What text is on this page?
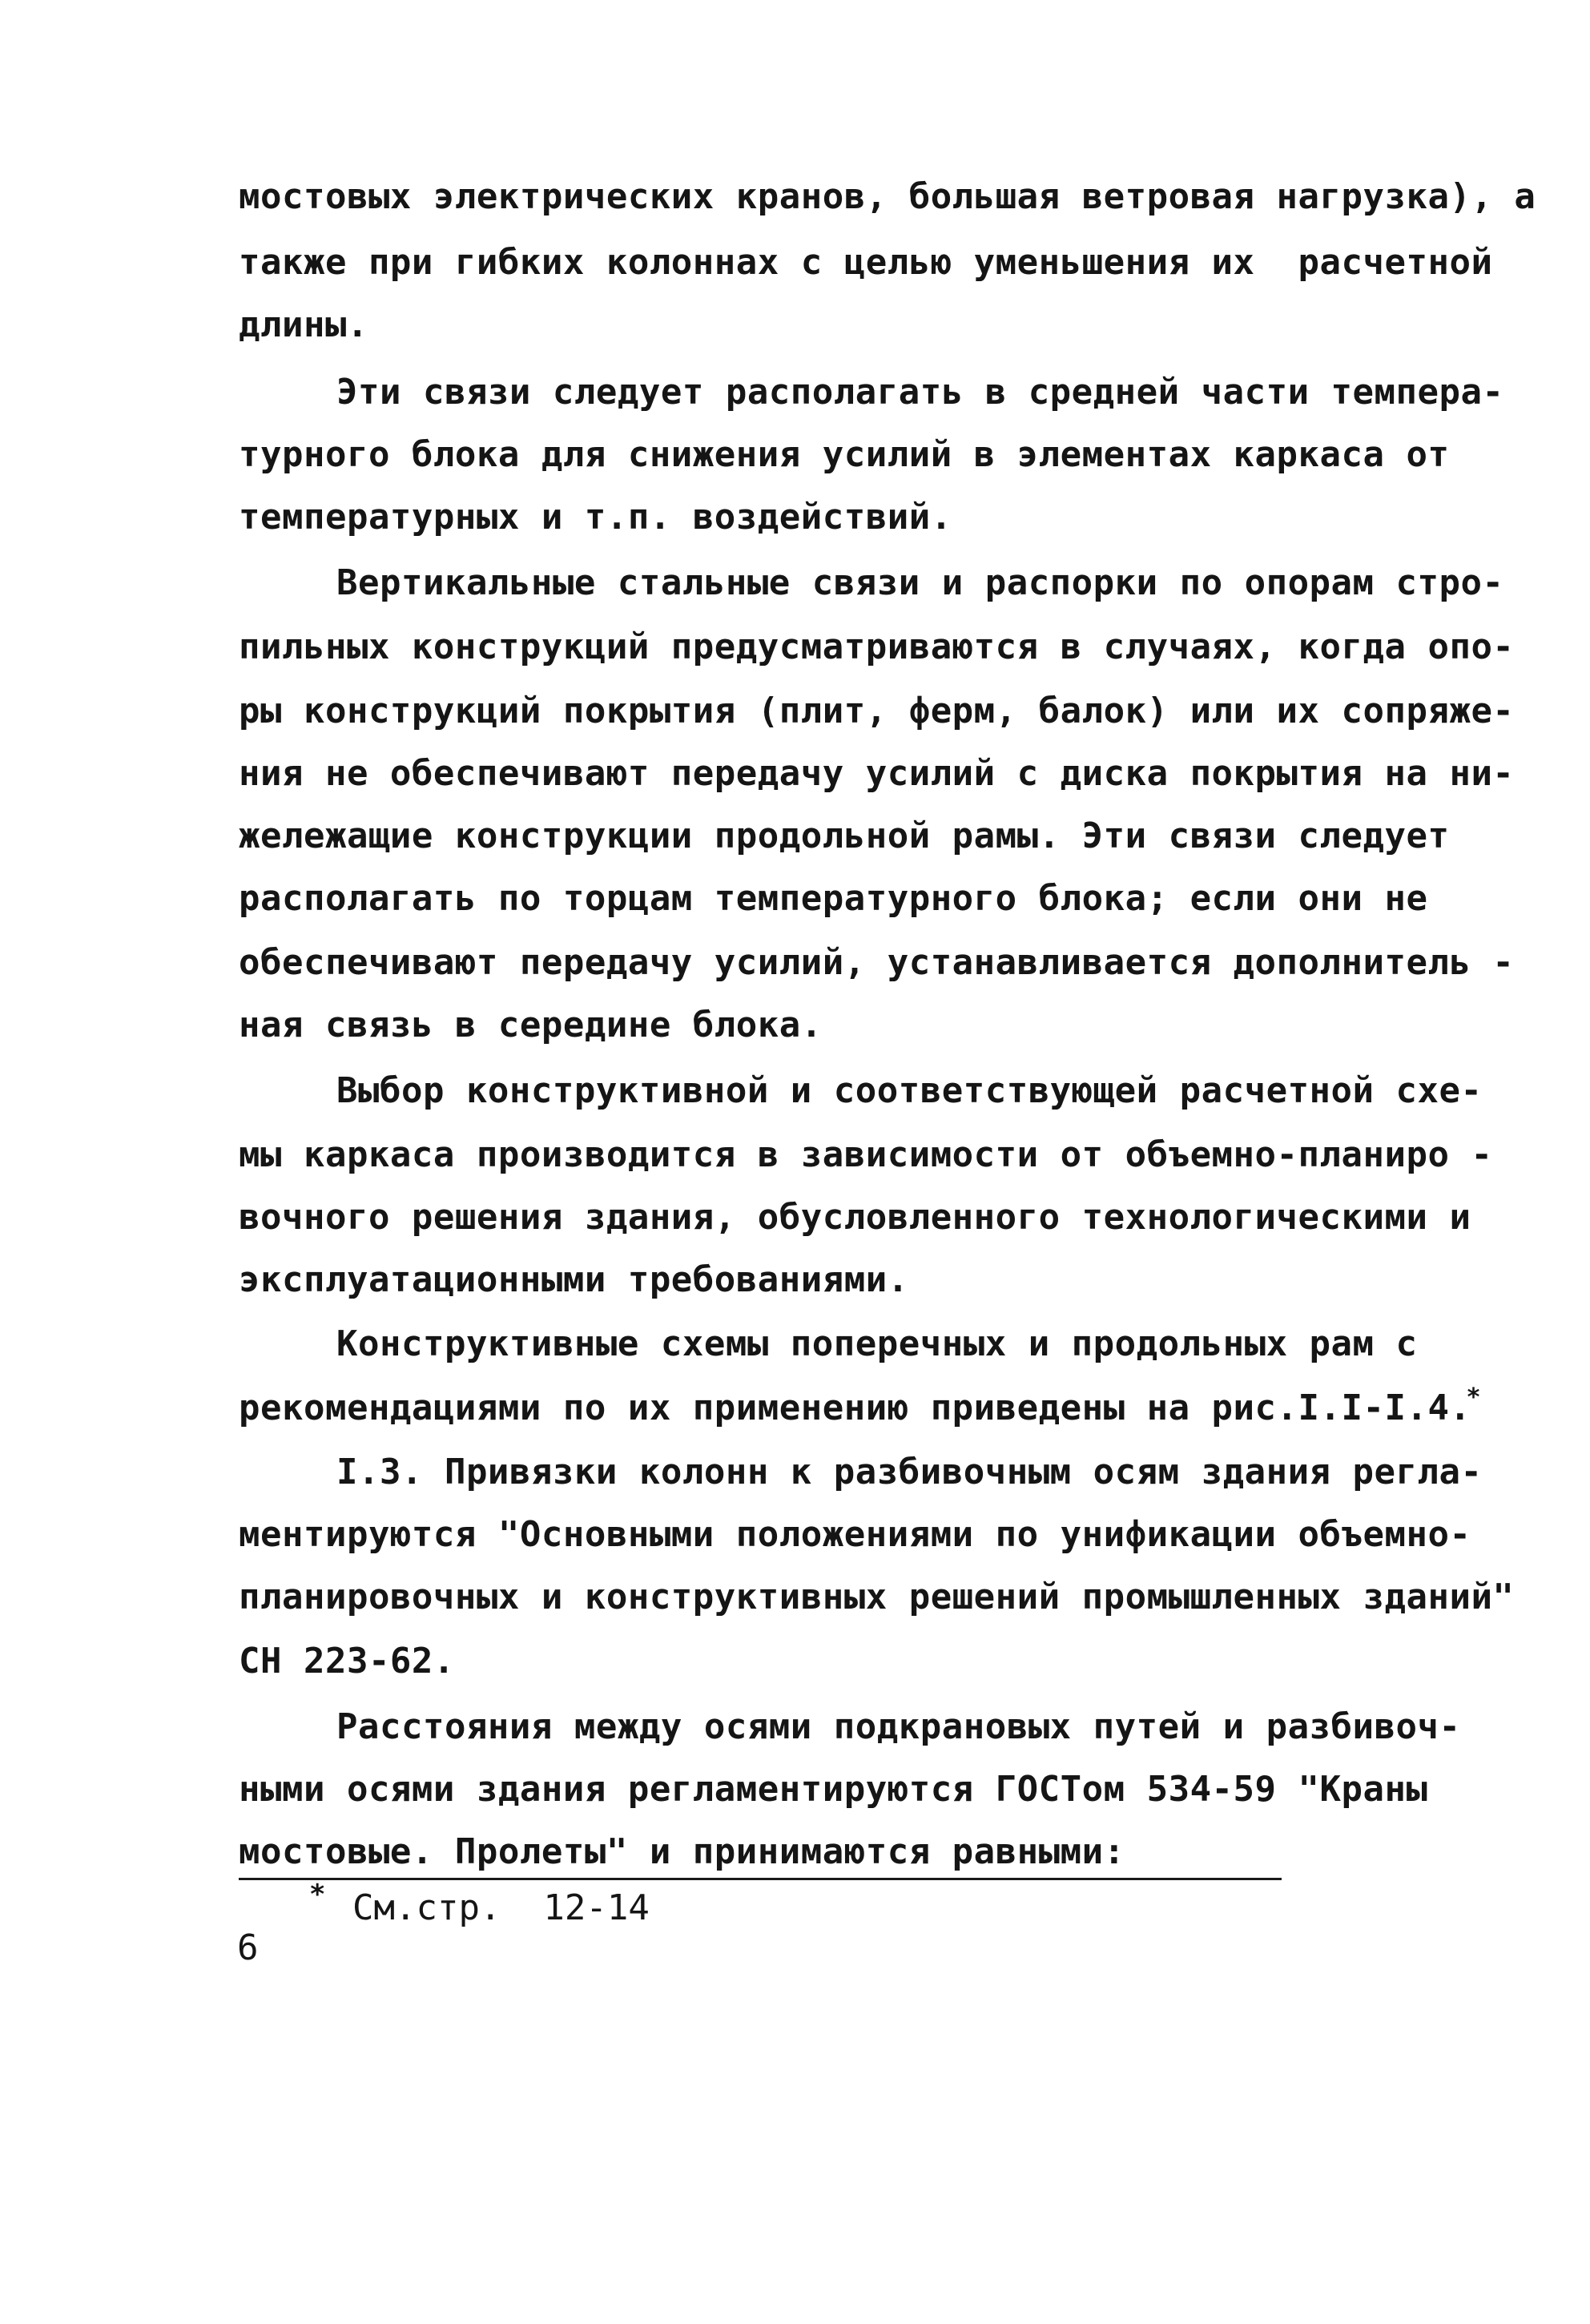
мостовых электрических кранов, большая ветровая нагрузка), а
также при гибких колоннах с целью уменьшения их  расчетной
длины.
Эти связи следует располагать в средней части темпера-
турного блока для снижения усилий в элементах каркаса от
температурных и т.п. воздействий.
Вертикальные стальные связи и распорки по опорам стро-
пильных конструкций предусматриваются в случаях, когда опо-
ры конструкций покрытия (плит, ферм, балок) или их сопряже-
ния не обеспечивают передачу усилий с диска покрытия на ни-
жележащие конструкции продольной рамы. Эти связи следует
располагать по торцам температурного блока; если они не
обеспечивают передачу усилий, устанавливается дополнитель -
ная связь в середине блока.
Выбор конструктивной и соответствующей расчетной схе-
мы каркаса производится в зависимости от объемно-планиро -
вочного решения здания, обусловленного технологическими и
эксплуатационными требованиями.
Конструктивные схемы поперечных и продольных рам с
рекомендациями по их применению приведены на рис.I.I-I.4.*
I.3. Привязки колонн к разбивочным осям здания регла-
ментируются "Основными положениями по унификации объемно-
планировочных и конструктивных решений промышленных зданий"
СН 223-62.
Расстояния между осями подкрановых путей и разбивоч-
ными осями здания регламентируются ГОСТом 534-59 "Краны
мостовые. Пролеты" и принимаются равными:
* См.стр.  12-14
6
